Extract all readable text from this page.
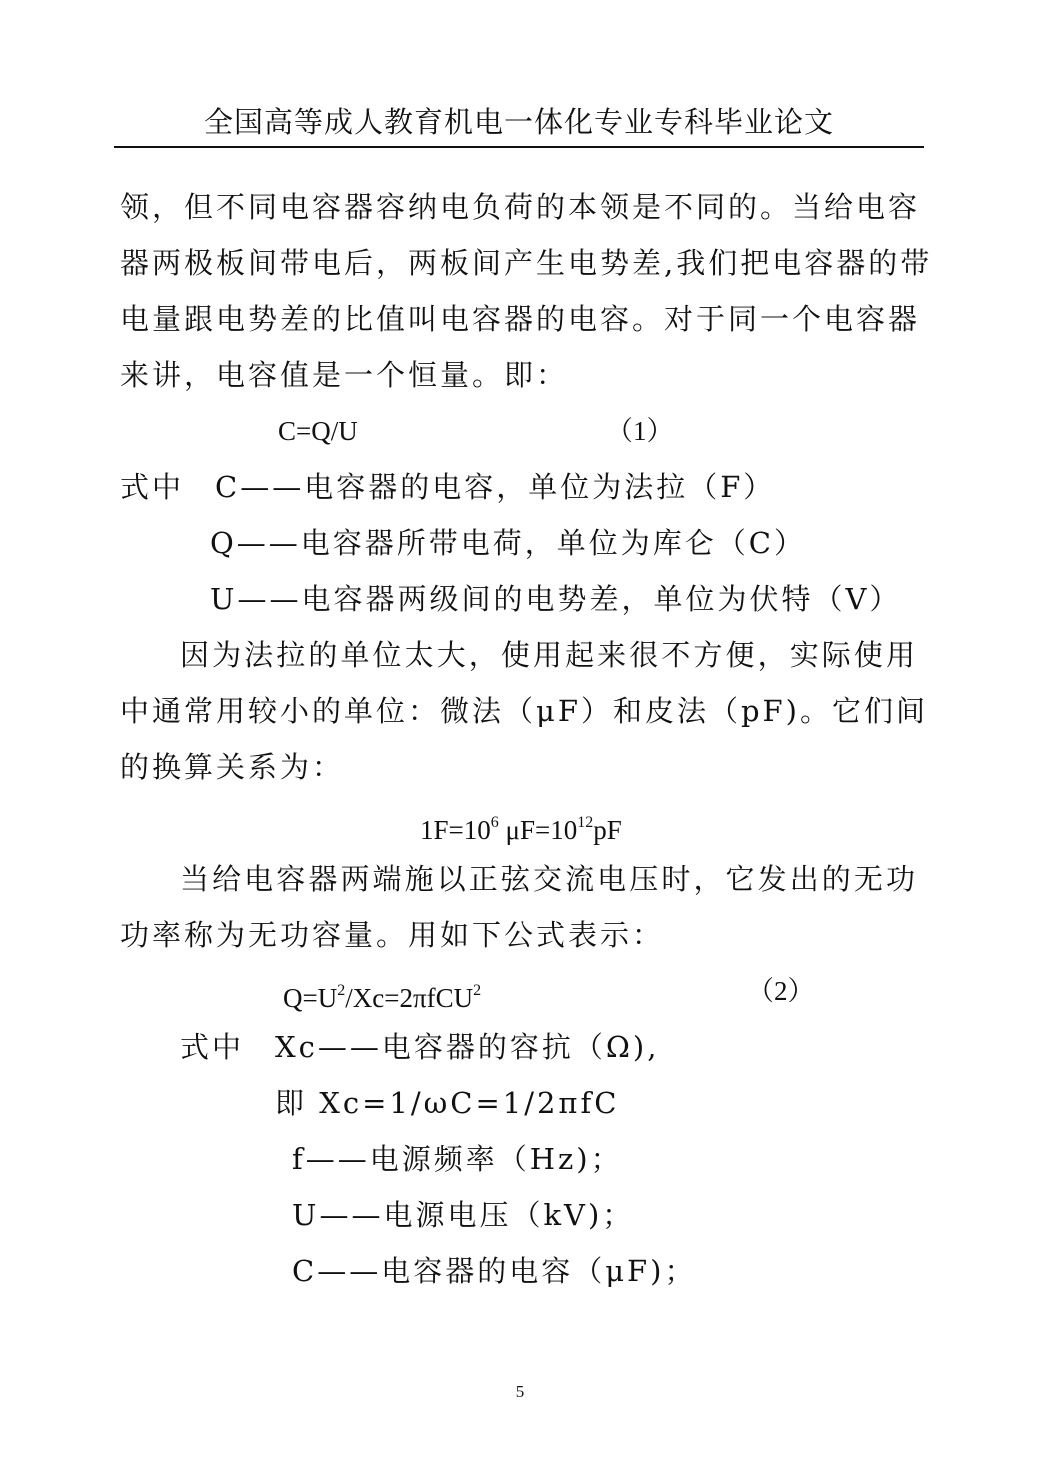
全国高等成人教育机电一体化专业专科毕业论文
领，但不同电容器容纳电负荷的本领是不同的。当给电容
器两极板间带电后，两板间产生电势差,我们把电容器的带
电量跟电势差的比值叫电容器的电容。对于同一个电容器
来讲，电容值是一个恒量。即：
C=Q/U	（1）
式中 C——电容器的电容，单位为法拉（F）
Q——电容器所带电荷，单位为库仑（C）
U——电容器两级间的电势差，单位为伏特（V）
因为法拉的单位太大，使用起来很不方便，实际使用
中通常用较小的单位：微法（μF）和皮法（pF)。它们间
的换算关系为：
$1F=10^6$ $\mu F=10^{12}pF$
当给电容器两端施以正弦交流电压时，它发出的无功
功率称为无功容量。用如下公式表示：
$Q=U^2/Xc=2\pi fCU^2$	（2）
式中 Xc——电容器的容抗（Ω),
即 Xc=1/ωC=1/2πfC
f——电源频率（Hz)；
U——电源电压（kV)；
C——电容器的电容（μF)；
5
